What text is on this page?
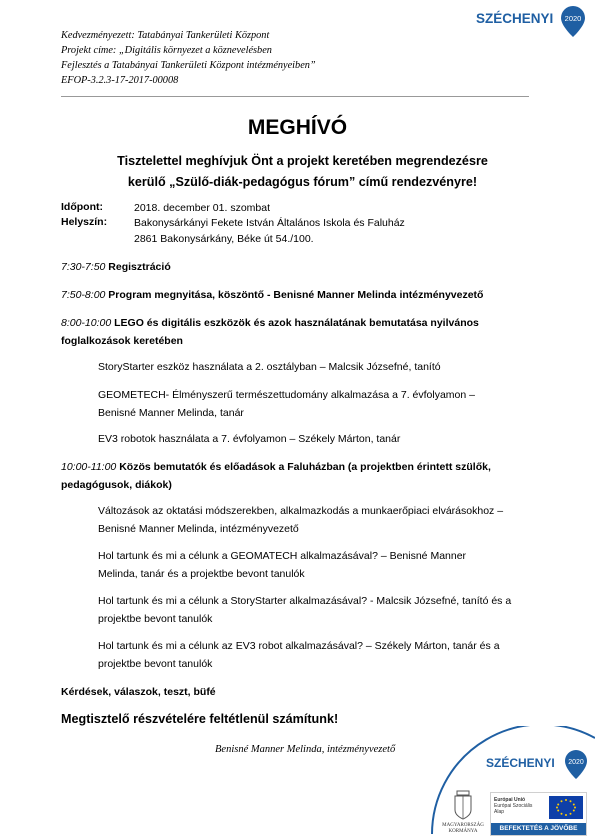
Kedvezményezett: Tatabányai Tankerületi Központ
Projekt címe: „Digitális környezet a köznevelésben
Fejlesztés a Tatabányai Tankerületi Központ intézményeiben”
EFOP-3.2.3-17-2017-00008
SZÉCHENYI 2020
MEGHÍVÓ
Tisztelettel meghívjuk Önt a projekt keretében megrendezésre kerülő „Szülő-diák-pedagógus fórum” című rendezvényre!
Időpont:	2018. december 01. szombat
Helyszín:	Bakonysárkányi Fekete István Általános Iskola és Faluház
2861 Bakonysárkány, Béke út 54./100.
7:30-7:50 Regisztráció
7:50-8:00 Program megnyitása, köszöntő - Benisné Manner Melinda intézményvezető
8:00-10:00 LEGO és digitális eszközök és azok használatának bemutatása nyilvános foglalkozások keretében
StoryStarter eszköz használata a 2. osztályban – Malcsik Józsefné, tanító
GEOMETECH- Élményszerű természettudomány alkalmazása a 7. évfolyamon – Benisné Manner Melinda, tanár
EV3 robotok használata a 7. évfolyamon – Székely Márton, tanár
10:00-11:00 Közös bemutatók és előadások a Faluházban (a projektben érintett szülők, pedagógusok, diákok)
Változások az oktatási módszerekben, alkalmazkodás a munkaerőpiaci elvárásokhoz – Benisné Manner Melinda, intézményvezető
Hol tartunk és mi a célunk a GEOMATECH alkalmazásával? – Benisné Manner Melinda, tanár és a projektbe bevont tanulók
Hol tartunk és mi a célunk a StoryStarter alkalmazásával? - Malcsik Józsefné, tanító és a projektbe bevont tanulók
Hol tartunk és mi a célunk az EV3 robot alkalmazásával? – Székely Márton, tanár és a projektbe bevont tanulók
Kérdések, válaszok, teszt, büfé
Megtisztelő részvételére feltétlenül számítunk!
Benisné Manner Melinda, intézményvezető
SZÉCHENYI 2020
MAGYARORSZÁG
KORMÁNYA
Európai Unió
Európai Szociális
Alap
BEFEKTETÉS A JÖVŐBE
